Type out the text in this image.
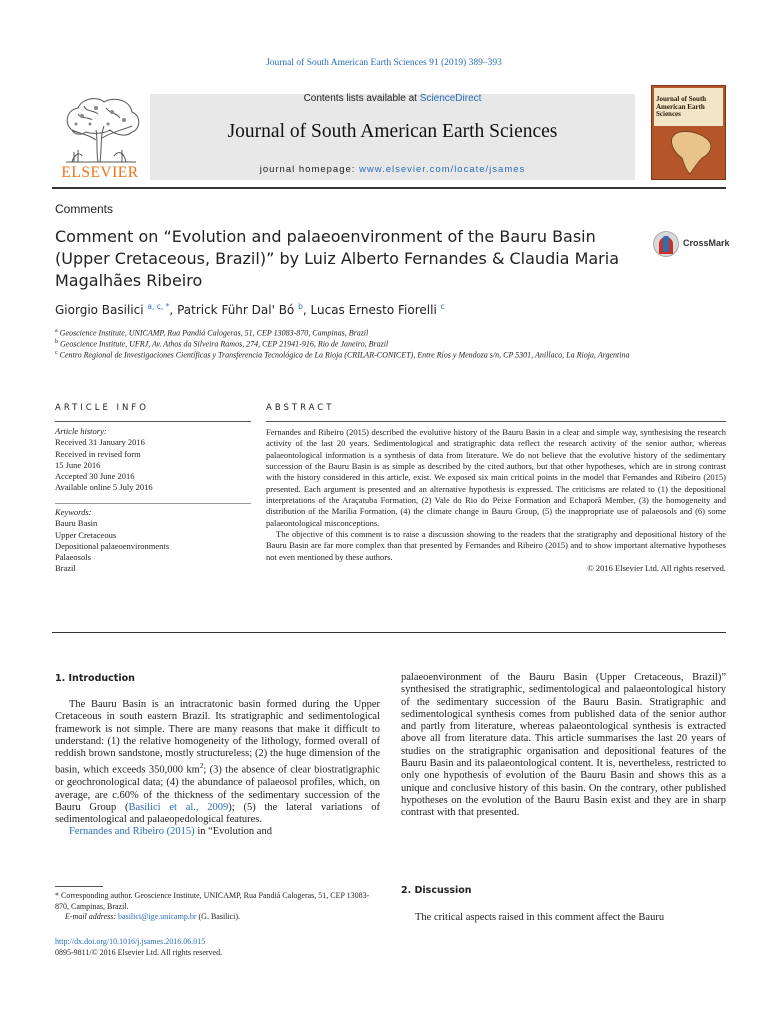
Journal of South American Earth Sciences 91 (2019) 389–393
ELSEVIER
Contents lists available at ScienceDirect
Journal of South American Earth Sciences
journal homepage: www.elsevier.com/locate/jsames
Journal of South American Earth Sciences
Comments
Comment on “Evolution and palaeoenvironment of the Bauru Basin (Upper Cretaceous, Brazil)” by Luiz Alberto Fernandes & Claudia Maria Magalhães Ribeiro
CrossMark
Giorgio Basilici $^{a, c, *}$, Patrick Führ Dal' Bó $^b$, Lucas Ernesto Fiorelli $^c$
$^a$ Geoscience Institute, UNICAMP, Rua Pandiá Calogeras, 51, CEP 13083-870, Campinas, Brazil
$^b$ Geoscience Institute, UFRJ, Av. Athos da Silveira Ramos, 274, CEP 21941-916, Rio de Janeiro, Brazil
$^c$ Centro Regional de Investigaciones Científicas y Transferencia Tecnológica de La Rioja (CRILAR-CONICET), Entre Ríos y Mendoza s/n, CP 5301, Anillaco, La Rioja, Argentina
ARTICLE INFO	ABSTRACT
Article history:
Received 31 January 2016
Received in revised form
15 June 2016
Accepted 30 June 2016
Available online 5 July 2016
Keywords:
Bauru Basin
Upper Cretaceous
Depositional palaeoenvironments
Palaeosols
Brazil

Fernandes and Ribeiro (2015) described the evolutive history of the Bauru Basin in a clear and simple way, synthesising the research activity of the last 20 years. Sedimentological and stratigraphic data reflect the research activity of the senior author, whereas palaeontological information is a synthesis of data from literature. We do not believe that the evolutive history of the sedimentary succession of the Bauru Basin is as simple as described by the cited authors, but that other hypotheses, which are in strong contrast with the history considered in this article, exist. We exposed six main critical points in the model that Fernandes and Ribeiro (2015) presented. Each argument is presented and an alternative hypothesis is expressed. The criticisms are related to (1) the depositional interpretations of the Araçatuba Formation, (2) Vale do Rio do Peixe Formation and Echaporã Member, (3) the homogeneity and distribution of the Marília Formation, (4) the climate change in Bauru Group, (5) the inappropriate use of palaeosols and (6) some palaeontological misconceptions.

The objective of this comment is to raise a discussion showing to the readers that the stratigraphy and depositional history of the Bauru Basin are far more complex than that presented by Fernandes and Ribeiro (2015) and to show important alternative hypotheses not even mentioned by these authors.

© 2016 Elsevier Ltd. All rights reserved.

1. Introduction

The Bauru Basin is an intracratonic basin formed during the Upper Cretaceous in south eastern Brazil. Its stratigraphic and sedimentological framework is not simple. There are many reasons that make it difficult to understand: (1) the relative homogeneity of the lithology, formed overall of reddish brown sandstone, mostly structureless; (2) the huge dimension of the basin, which exceeds 350,000 $km^2$; (3) the absence of clear biostratigraphic or geochronological data; (4) the abundance of palaeosol profiles, which, on average, are c.60% of the thickness of the sedimentary succession of the Bauru Group (Basilici et al., 2009); (5) the lateral variations of sedimentological and palaeopedological features.

Fernandes and Ribeiro (2015) in “Evolution and

palaeoenvironment of the Bauru Basin (Upper Cretaceous, Brazil)” synthesised the stratigraphic, sedimentological and palaeontological history of the sedimentary succession of the Bauru Basin. Stratigraphic and sedimentological synthesis comes from published data of the senior author and partly from literature, whereas palaeontological synthesis is extracted above all from literature data. This article summarises the last 20 years of studies on the stratigraphic organisation and depositional features of the Bauru Basin and its palaeontological content. It is, nevertheless, restricted to only one hypothesis of evolution of the Bauru Basin and shows this as a unique and conclusive history of this basin. On the contrary, other published hypotheses on the evolution of the Bauru Basin exist and they are in sharp contrast with that presented.

2. Discussion

The critical aspects raised in this comment affect the Bauru

* Corresponding author. Geoscience Institute, UNICAMP, Rua Pandiá Calogeras, 51, CEP 13083-870, Campinas, Brazil.
E-mail address: basilici@ige.unicamp.br (G. Basilici).
http://dx.doi.org/10.1016/j.jsames.2016.06.015
0895-9811/© 2016 Elsevier Ltd. All rights reserved.
